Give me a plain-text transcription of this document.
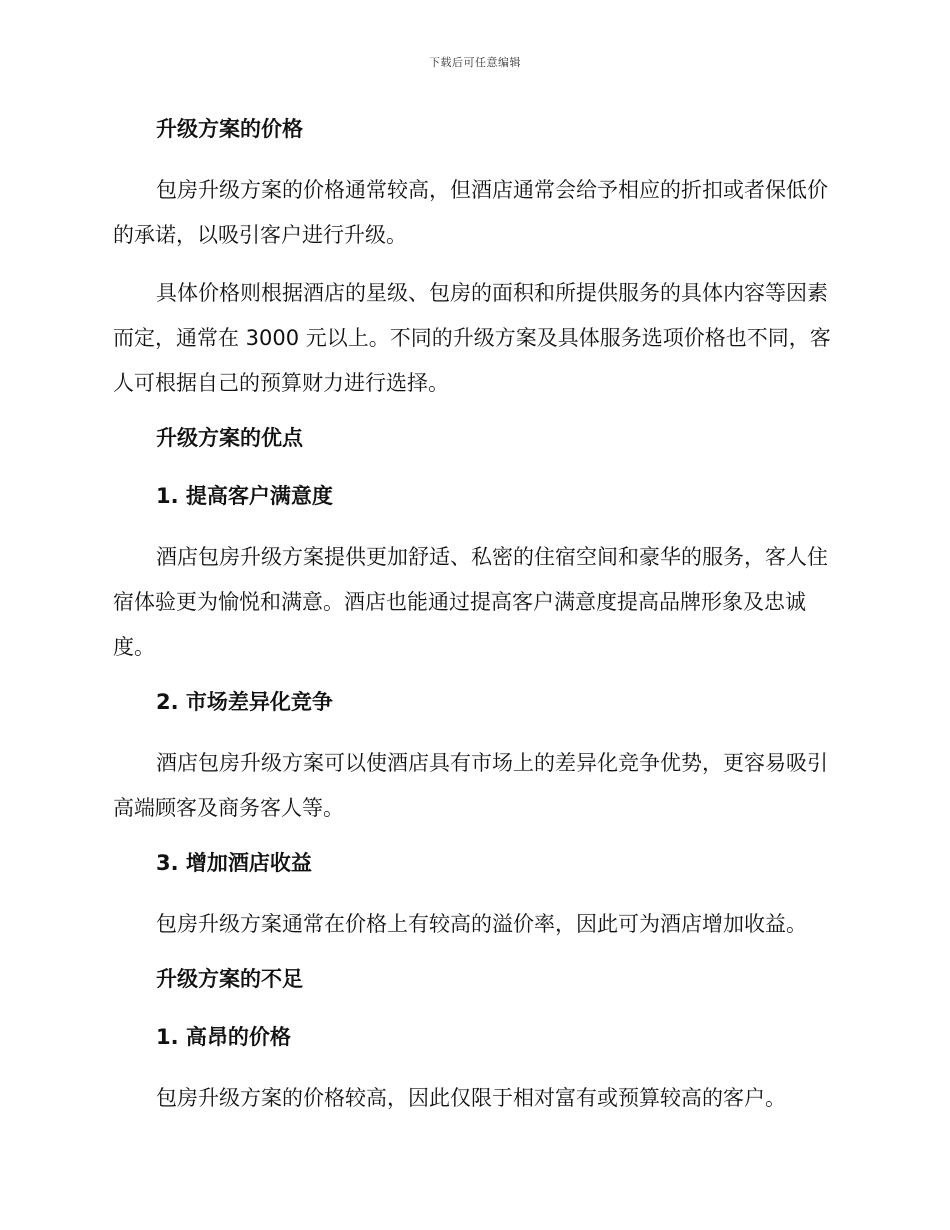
下载后可任意编辑
升级方案的价格
包房升级方案的价格通常较高，但酒店通常会给予相应的折扣或者保低价的承诺，以吸引客户进行升级。
具体价格则根据酒店的星级、包房的面积和所提供服务的具体内容等因素而定，通常在 3000 元以上。不同的升级方案及具体服务选项价格也不同，客人可根据自己的预算财力进行选择。
升级方案的优点
1. 提高客户满意度
酒店包房升级方案提供更加舒适、私密的住宿空间和豪华的服务，客人住宿体验更为愉悦和满意。酒店也能通过提高客户满意度提高品牌形象及忠诚度。
2. 市场差异化竞争
酒店包房升级方案可以使酒店具有市场上的差异化竞争优势，更容易吸引高端顾客及商务客人等。
3. 增加酒店收益
包房升级方案通常在价格上有较高的溢价率，因此可为酒店增加收益。
升级方案的不足
1. 高昂的价格
包房升级方案的价格较高，因此仅限于相对富有或预算较高的客户。
